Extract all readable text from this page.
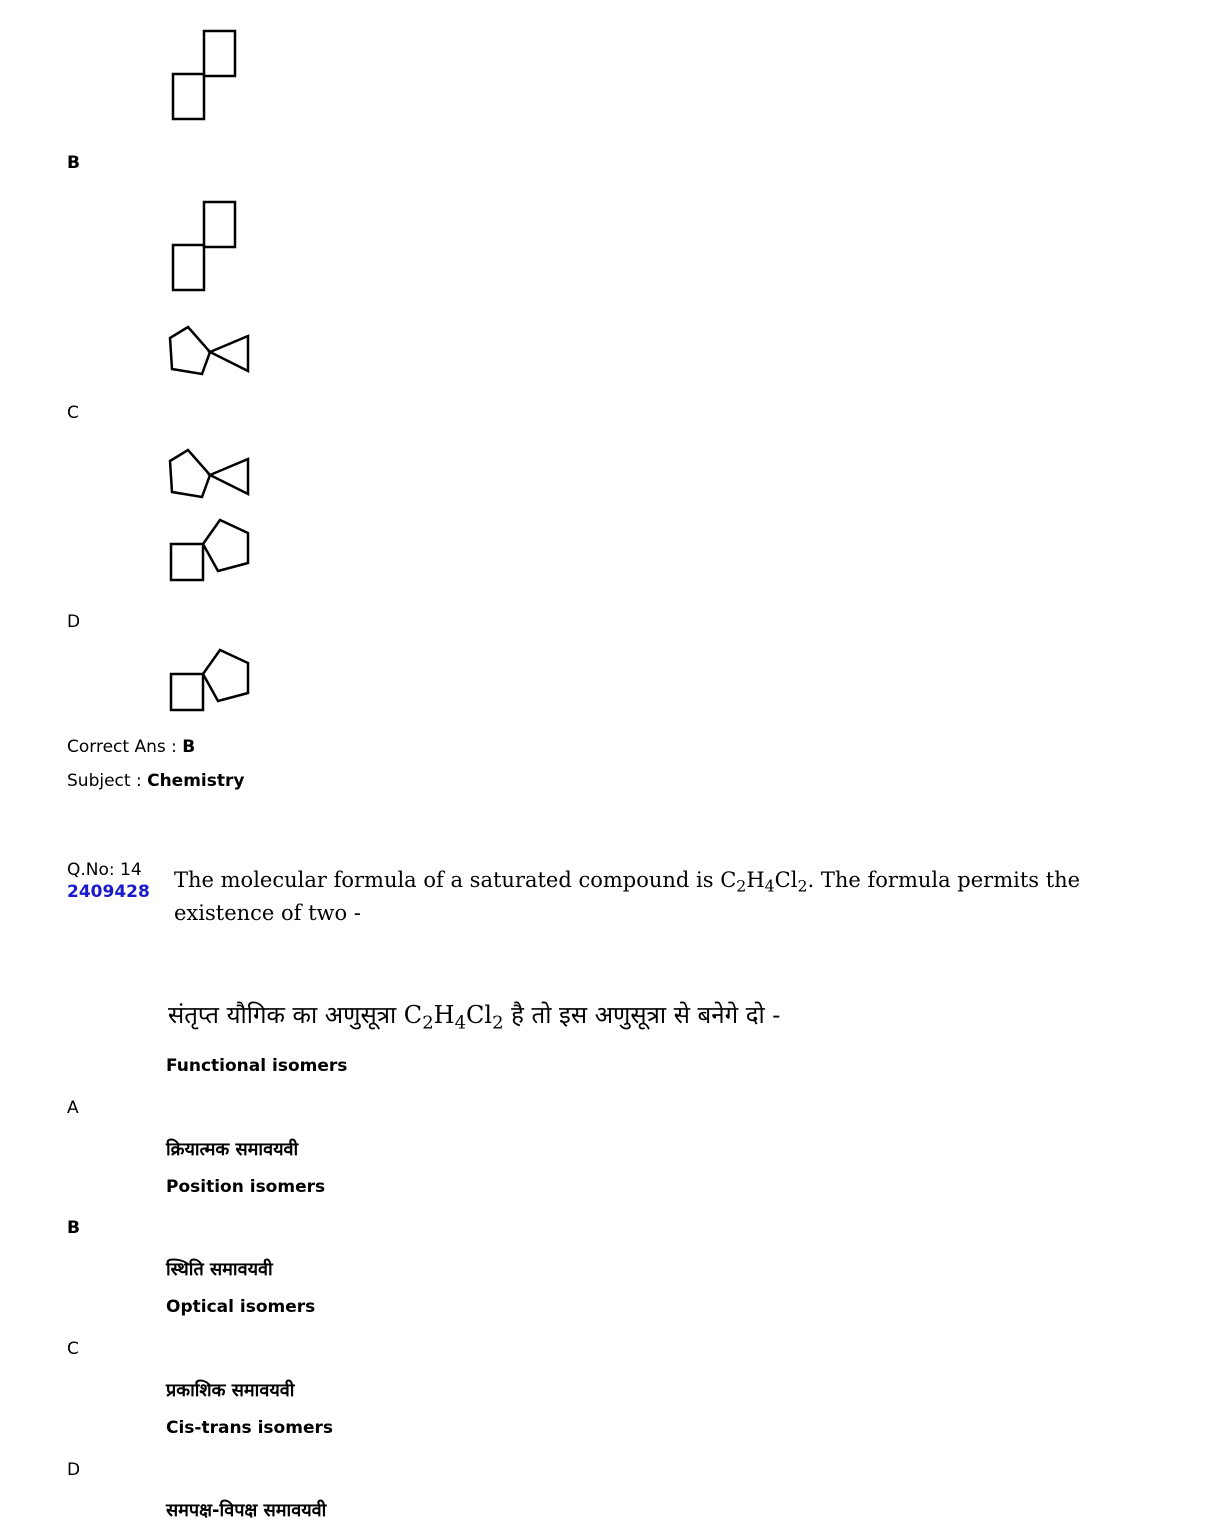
B
C
D
Correct Ans : B
Subject : Chemistry
Q.No: 14
2409428 The molecular formula of a saturated compound is $C_2H_4Cl_2$. The formula permits the existence of two -
संतृप्त यौगिक का अणुसूत्रा $C_2H_4Cl_2$ है तो इस अणुसूत्रा से बनेगे दो -
Functional isomers
A
क्रियात्मक समावयवी
Position isomers
B
स्थिति समावयवी
Optical isomers
C
प्रकाशिक समावयवी
Cis-trans isomers
D
समपक्ष-विपक्ष समावयवी
